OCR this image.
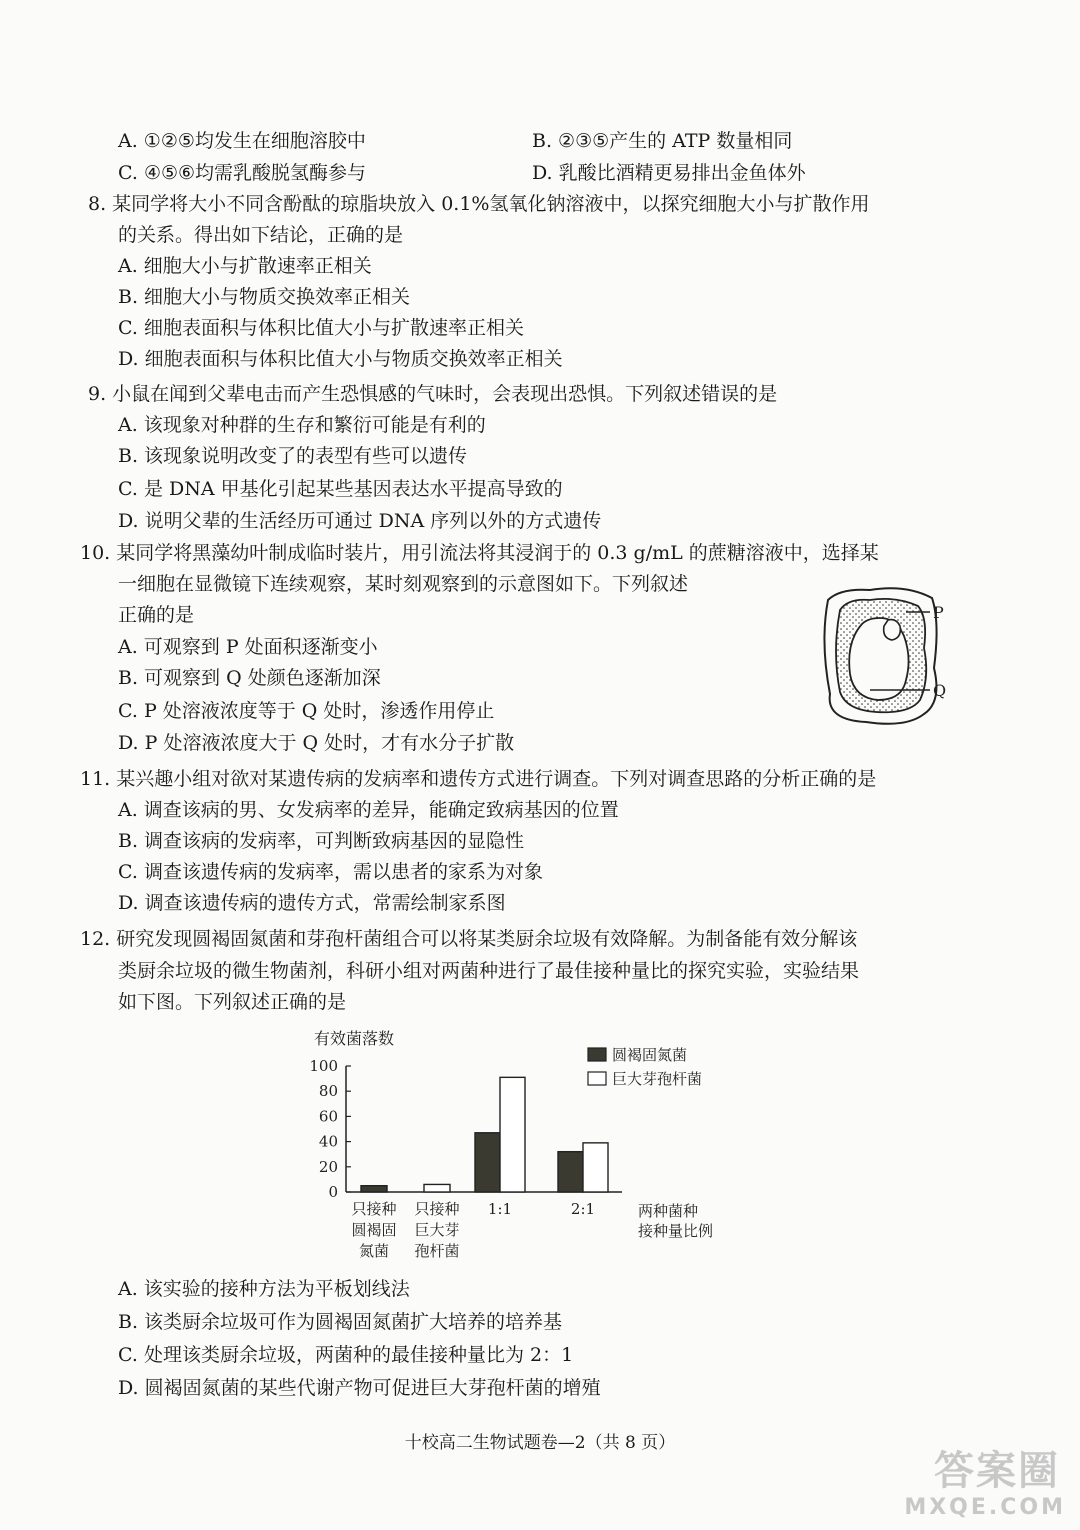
A. ①②⑤均发生在细胞溶胶中	B. ②③⑤产生的 ATP 数量相同
C. ④⑤⑥均需乳酸脱氢酶参与	D. 乳酸比酒精更易排出金鱼体外
8. 某同学将大小不同含酚酞的琼脂块放入 0.1%氢氧化钠溶液中，以探究细胞大小与扩散作用
的关系。得出如下结论，正确的是
A. 细胞大小与扩散速率正相关
B. 细胞大小与物质交换效率正相关
C. 细胞表面积与体积比值大小与扩散速率正相关
D. 细胞表面积与体积比值大小与物质交换效率正相关
9. 小鼠在闻到父辈电击而产生恐惧感的气味时，会表现出恐惧。下列叙述错误的是
A. 该现象对种群的生存和繁衍可能是有利的
B. 该现象说明改变了的表型有些可以遗传
C. 是 DNA 甲基化引起某些基因表达水平提高导致的
D. 说明父辈的生活经历可通过 DNA 序列以外的方式遗传
10. 某同学将黑藻幼叶制成临时装片，用引流法将其浸润于的 0.3 g/mL 的蔗糖溶液中，选择某
一细胞在显微镜下连续观察，某时刻观察到的示意图如下。下列叙述
正确的是
A. 可观察到 P 处面积逐渐变小
B. 可观察到 Q 处颜色逐渐加深
C. P 处溶液浓度等于 Q 处时，渗透作用停止
D. P 处溶液浓度大于 Q 处时，才有水分子扩散
P
Q
11. 某兴趣小组对欲对某遗传病的发病率和遗传方式进行调查。下列对调查思路的分析正确的是
A. 调查该病的男、女发病率的差异，能确定致病基因的位置
B. 调查该病的发病率，可判断致病基因的显隐性
C. 调查该遗传病的发病率，需以患者的家系为对象
D. 调查该遗传病的遗传方式，常需绘制家系图
12. 研究发现圆褐固氮菌和芽孢杆菌组合可以将某类厨余垃圾有效降解。为制备能有效分解该
类厨余垃圾的微生物菌剂，科研小组对两菌种进行了最佳接种量比的探究实验，实验结果
如下图。下列叙述正确的是
有效菌落数
0
20
40
60
80
100
只接种
圆褐固
氮菌
只接种
巨大芽
孢杆菌
1:1	2:1
圆褐固氮菌
巨大芽孢杆菌
两种菌种
接种量比例
A. 该实验的接种方法为平板划线法
B. 该类厨余垃圾可作为圆褐固氮菌扩大培养的培养基
C. 处理该类厨余垃圾，两菌种的最佳接种量比为 2：1
D. 圆褐固氮菌的某些代谢产物可促进巨大芽孢杆菌的增殖
十校高二生物试题卷—2（共 8 页）
答案圈
MXQE.COM
